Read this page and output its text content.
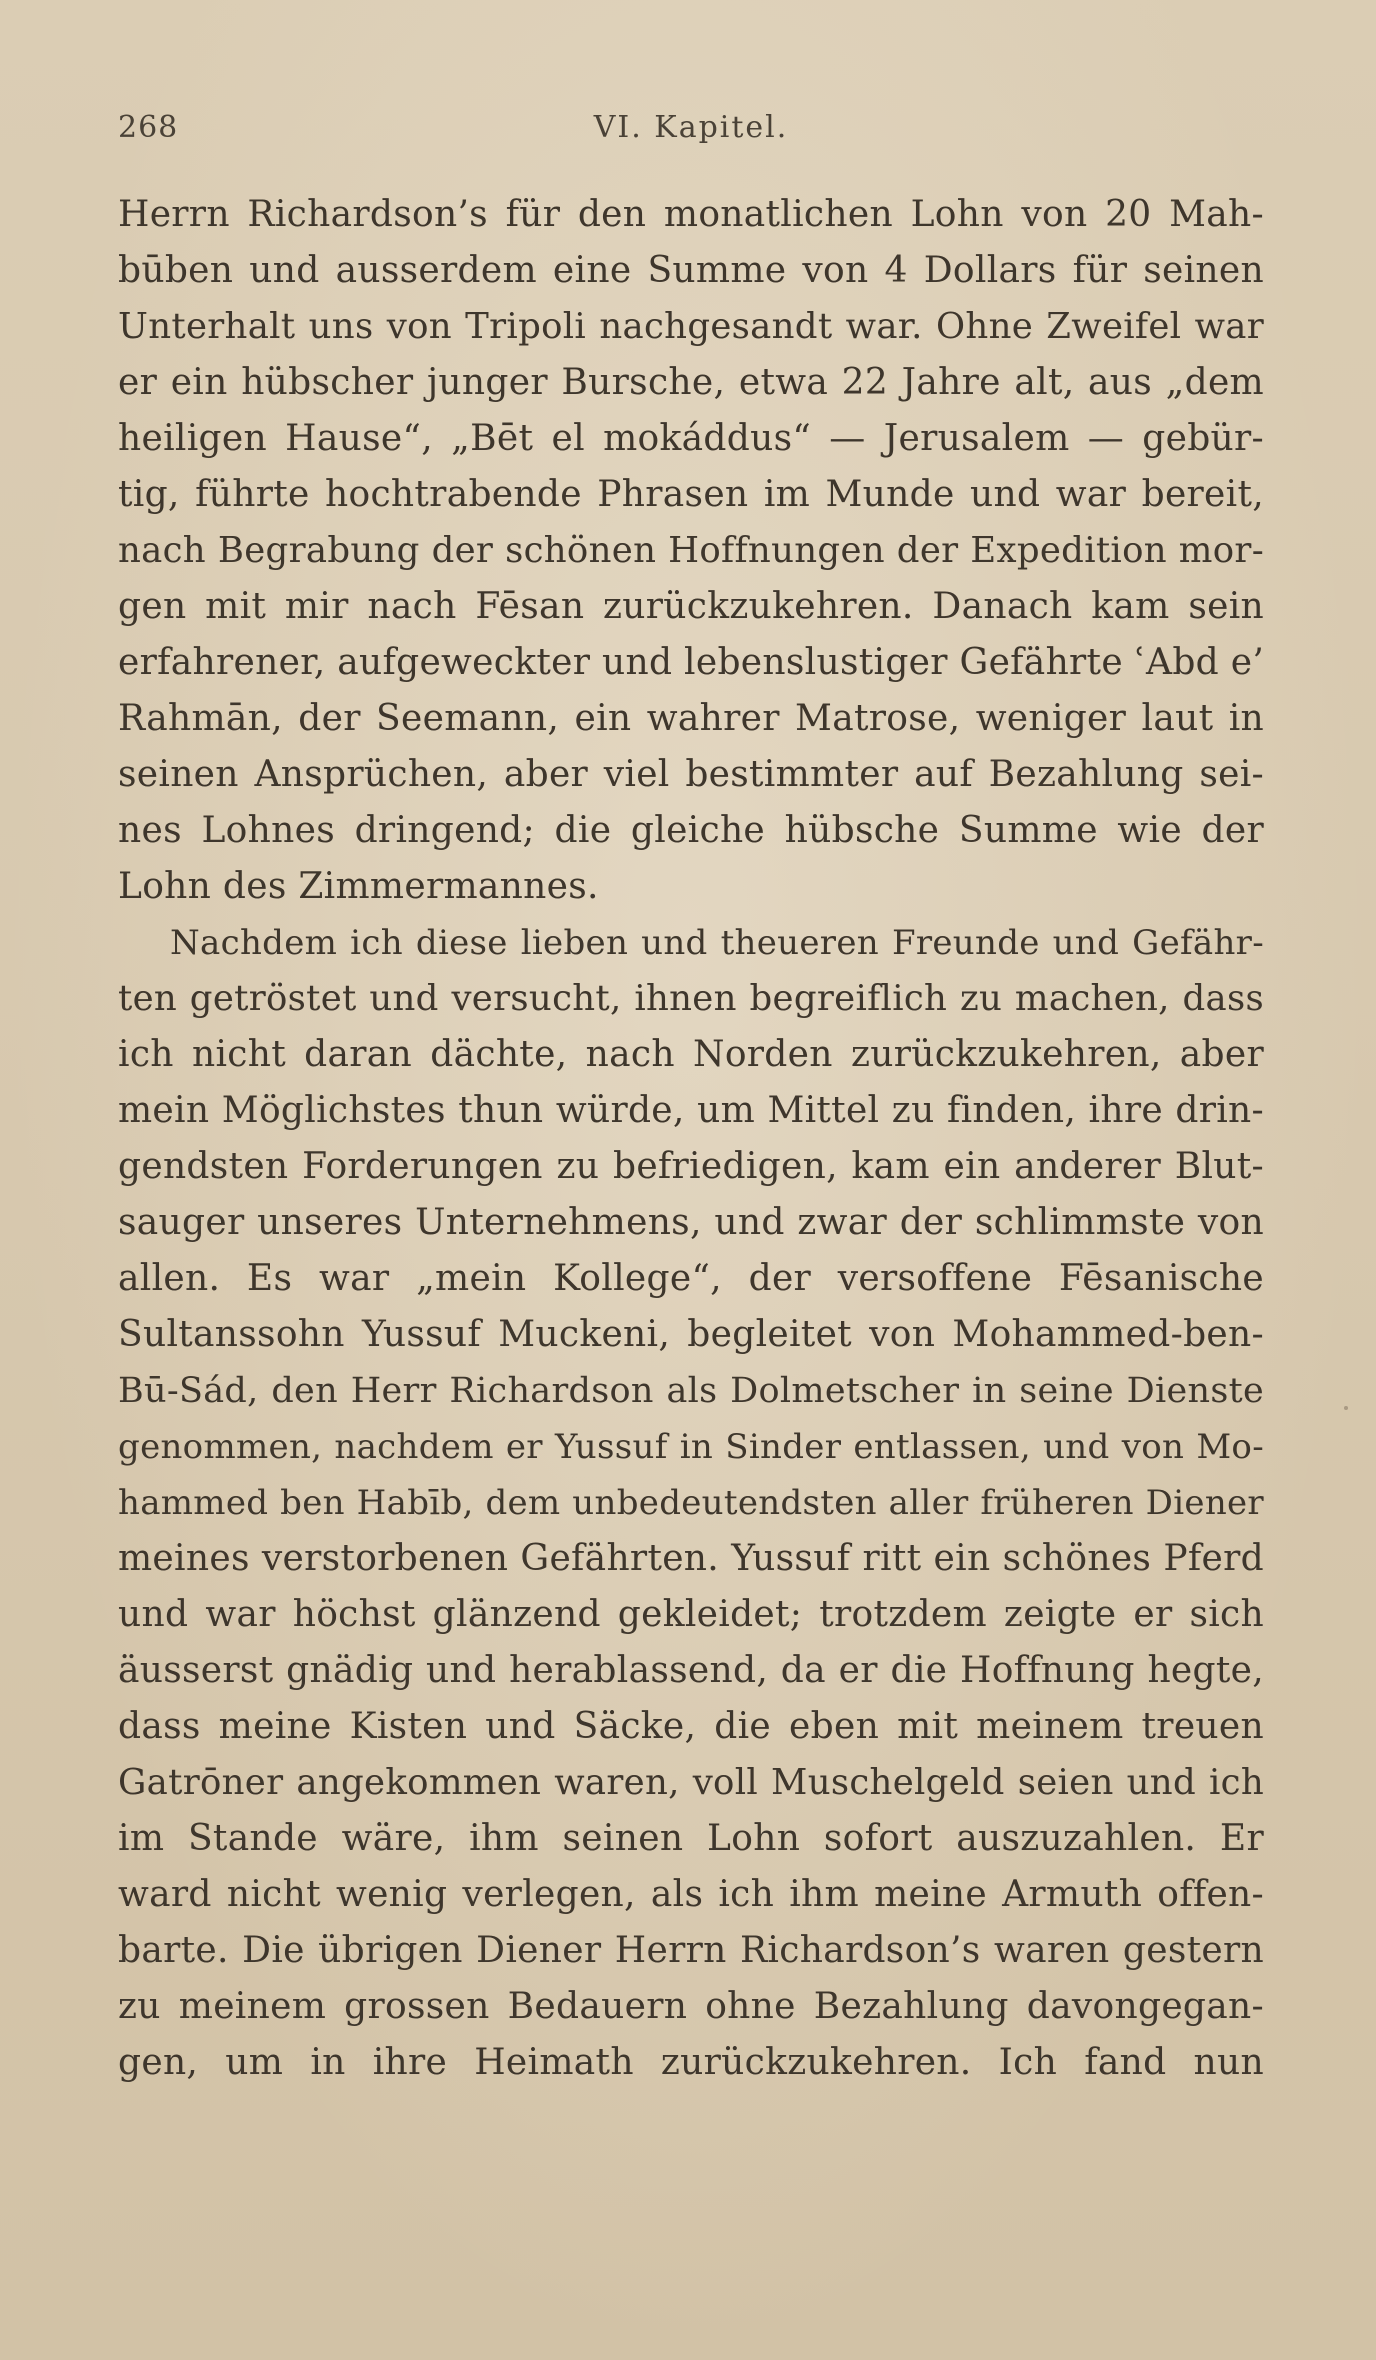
268	VI. Kapitel.
Herrn Richardson’s für den monatlichen Lohn von 20 Mah-
būben und ausserdem eine Summe von 4 Dollars für seinen
Unterhalt uns von Tripoli nachgesandt war. Ohne Zweifel war
er ein hübscher junger Bursche, etwa 22 Jahre alt, aus „dem
heiligen Hause“, „Bēt el mokáddus“ — Jerusalem — gebür-
tig, führte hochtrabende Phrasen im Munde und war bereit,
nach Begrabung der schönen Hoffnungen der Expedition mor-
gen mit mir nach Fēsan zurückzukehren. Danach kam sein
erfahrener, aufgeweckter und lebenslustiger Gefährte ʿAbd e’
Rahmān, der Seemann, ein wahrer Matrose, weniger laut in
seinen Ansprüchen, aber viel bestimmter auf Bezahlung sei-
nes Lohnes dringend; die gleiche hübsche Summe wie der
Lohn des Zimmermannes.
Nachdem ich diese lieben und theueren Freunde und Gefähr-
ten getröstet und versucht, ihnen begreiflich zu machen, dass
ich nicht daran dächte, nach Norden zurückzukehren, aber
mein Möglichstes thun würde, um Mittel zu finden, ihre drin-
gendsten Forderungen zu befriedigen, kam ein anderer Blut-
sauger unseres Unternehmens, und zwar der schlimmste von
allen. Es war „mein Kollege“, der versoffene Fēsanische
Sultanssohn Yussuf Muckeni, begleitet von Mohammed-ben-
Bū-Sád, den Herr Richardson als Dolmetscher in seine Dienste
genommen, nachdem er Yussuf in Sinder entlassen, und von Mo-
hammed ben Habīb, dem unbedeutendsten aller früheren Diener
meines verstorbenen Gefährten. Yussuf ritt ein schönes Pferd
und war höchst glänzend gekleidet; trotzdem zeigte er sich
äusserst gnädig und herablassend, da er die Hoffnung hegte,
dass meine Kisten und Säcke, die eben mit meinem treuen
Gatrōner angekommen waren, voll Muschelgeld seien und ich
im Stande wäre, ihm seinen Lohn sofort auszuzahlen. Er
ward nicht wenig verlegen, als ich ihm meine Armuth offen-
barte. Die übrigen Diener Herrn Richardson’s waren gestern
zu meinem grossen Bedauern ohne Bezahlung davongegan-
gen, um in ihre Heimath zurückzukehren. Ich fand nun
